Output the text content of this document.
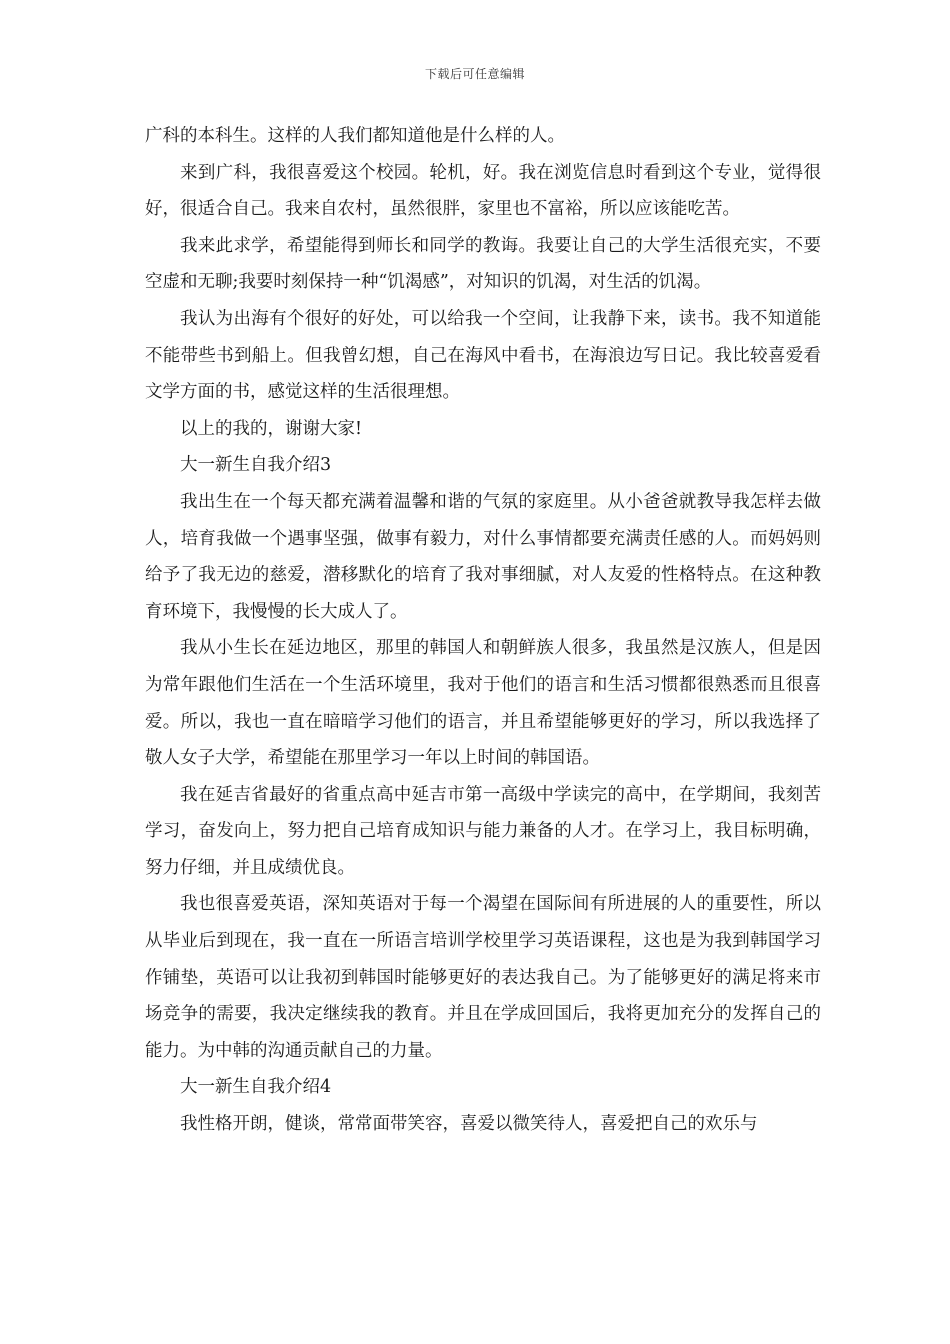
下载后可任意编辑

广科的本科生。这样的人我们都知道他是什么样的人。

来到广科，我很喜爱这个校园。轮机，好。我在浏览信息时看到这个专业，觉得很好，很适合自己。我来自农村，虽然很胖，家里也不富裕，所以应该能吃苦。

我来此求学，希望能得到师长和同学的教诲。我要让自己的大学生活很充实，不要空虚和无聊;我要时刻保持一种“饥渴感”，对知识的饥渴，对生活的饥渴。

我认为出海有个很好的好处，可以给我一个空间，让我静下来，读书。我不知道能不能带些书到船上。但我曾幻想，自己在海风中看书，在海浪边写日记。我比较喜爱看文学方面的书，感觉这样的生活很理想。

以上的我的，谢谢大家!

大一新生自我介绍3

我出生在一个每天都充满着温馨和谐的气氛的家庭里。从小爸爸就教导我怎样去做人，培育我做一个遇事坚强，做事有毅力，对什么事情都要充满责任感的人。而妈妈则给予了我无边的慈爱，潜移默化的培育了我对事细腻，对人友爱的性格特点。在这种教育环境下，我慢慢的长大成人了。

我从小生长在延边地区，那里的韩国人和朝鲜族人很多，我虽然是汉族人，但是因为常年跟他们生活在一个生活环境里，我对于他们的语言和生活习惯都很熟悉而且很喜爱。所以，我也一直在暗暗学习他们的语言，并且希望能够更好的学习，所以我选择了敬人女子大学，希望能在那里学习一年以上时间的韩国语。

我在延吉省最好的省重点高中延吉市第一高级中学读完的高中，在学期间，我刻苦学习，奋发向上，努力把自己培育成知识与能力兼备的人才。在学习上，我目标明确，努力仔细，并且成绩优良。

我也很喜爱英语，深知英语对于每一个渴望在国际间有所进展的人的重要性，所以从毕业后到现在，我一直在一所语言培训学校里学习英语课程，这也是为我到韩国学习作铺垫，英语可以让我初到韩国时能够更好的表达我自己。为了能够更好的满足将来市场竞争的需要，我决定继续我的教育。并且在学成回国后，我将更加充分的发挥自己的能力。为中韩的沟通贡献自己的力量。

大一新生自我介绍4

我性格开朗，健谈，常常面带笑容，喜爱以微笑待人，喜爱把自己的欢乐与
